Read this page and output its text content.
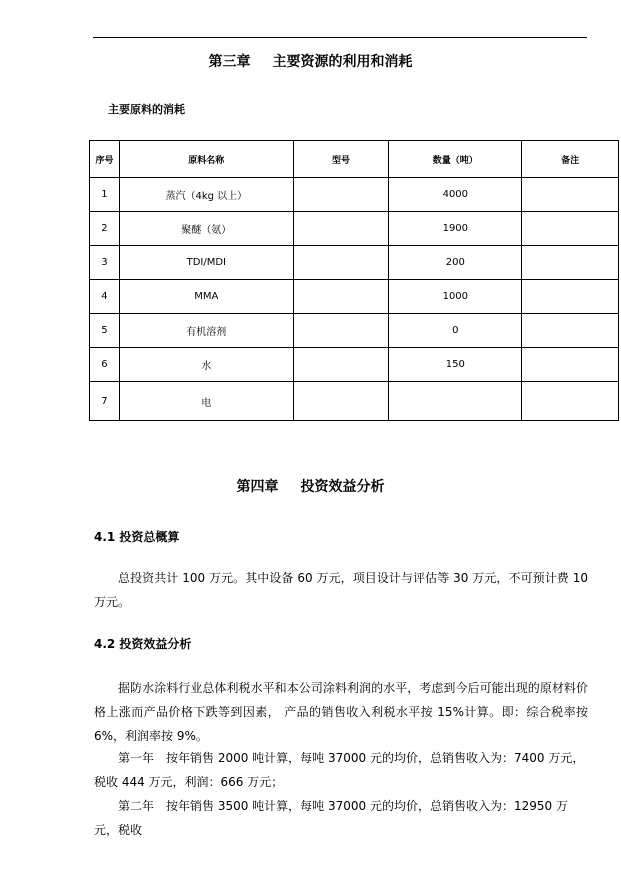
第三章 主要资源的利用和消耗
主要原料的消耗
序号	原料名称	型号	数量（吨）	备注
1	蒸汽（4kg 以上）		4000	
2	聚醚（氨）		1900	
3	TDI/MDI		200	
4	MMA		1000	
5	有机溶剂		0	
6	水		150	
7	电			
第四章 投资效益分析
4.1 投资总概算
总投资共计 100 万元。其中设备 60 万元，项目设计与评估等 30 万元，不可预计费 10 万元。
4.2 投资效益分析
据防水涂料行业总体利税水平和本公司涂料利润的水平，考虑到今后可能出现的原材料价格上涨而产品价格下跌等到因素， 产品的销售收入利税水平按 15%计算。即：综合税率按 6%，利润率按 9%。
第一年 按年销售 2000 吨计算，每吨 37000 元的均价，总销售收入为：7400 万元，税收 444 万元，利润：666 万元；
第二年 按年销售 3500 吨计算，每吨 37000 元的均价，总销售收入为：12950 万元，税收
